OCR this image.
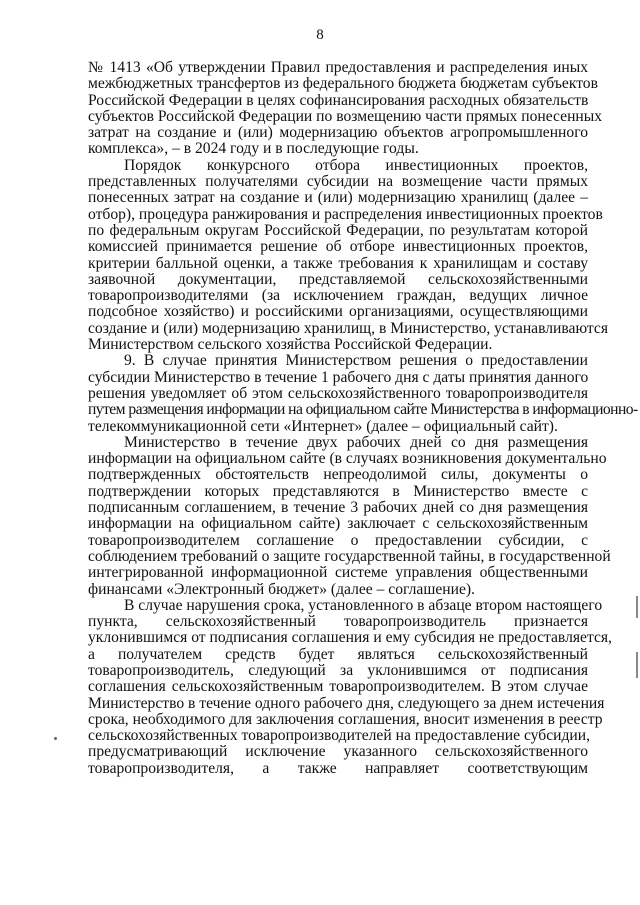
8
№ 1413 «Об утверждении Правил предоставления и распределения иных
межбюджетных трансфертов из федерального бюджета бюджетам субъектов
Российской Федерации в целях софинансирования расходных обязательств
субъектов Российской Федерации по возмещению части прямых понесенных
затрат на создание и (или) модернизацию объектов агропромышленного
комплекса», – в 2024 году и в последующие годы.
Порядок конкурсного отбора инвестиционных проектов,
представленных получателями субсидии на возмещение части прямых
понесенных затрат на создание и (или) модернизацию хранилищ (далее –
отбор), процедура ранжирования и распределения инвестиционных проектов
по федеральным округам Российской Федерации, по результатам которой
комиссией принимается решение об отборе инвестиционных проектов,
критерии балльной оценки, а также требования к хранилищам и составу
заявочной документации, представляемой сельскохозяйственными
товаропроизводителями (за исключением граждан, ведущих личное
подсобное хозяйство) и российскими организациями, осуществляющими
создание и (или) модернизацию хранилищ, в Министерство, устанавливаются
Министерством сельского хозяйства Российской Федерации.
9. В случае принятия Министерством решения о предоставлении
субсидии Министерство в течение 1 рабочего дня с даты принятия данного
решения уведомляет об этом сельскохозяйственного товаропроизводителя
путем размещения информации на официальном сайте Министерства в информационно-
телекоммуникационной сети «Интернет» (далее – официальный сайт).
Министерство в течение двух рабочих дней со дня размещения
информации на официальном сайте (в случаях возникновения документально
подтвержденных обстоятельств непреодолимой силы, документы о
подтверждении которых представляются в Министерство вместе с
подписанным соглашением, в течение 3 рабочих дней со дня размещения
информации на официальном сайте) заключает с сельскохозяйственным
товаропроизводителем соглашение о предоставлении субсидии, с
соблюдением требований о защите государственной тайны, в государственной
интегрированной информационной системе управления общественными
финансами «Электронный бюджет» (далее – соглашение).
В случае нарушения срока, установленного в абзаце втором настоящего
пункта, сельскохозяйственный товаропроизводитель признается
уклонившимся от подписания соглашения и ему субсидия не предоставляется,
а получателем средств будет являться сельскохозяйственный
товаропроизводитель, следующий за уклонившимся от подписания
соглашения сельскохозяйственным товаропроизводителем. В этом случае
Министерство в течение одного рабочего дня, следующего за днем истечения
срока, необходимого для заключения соглашения, вносит изменения в реестр
сельскохозяйственных товаропроизводителей на предоставление субсидии,
предусматривающий исключение указанного сельскохозяйственного
товаропроизводителя, а также направляет соответствующим
